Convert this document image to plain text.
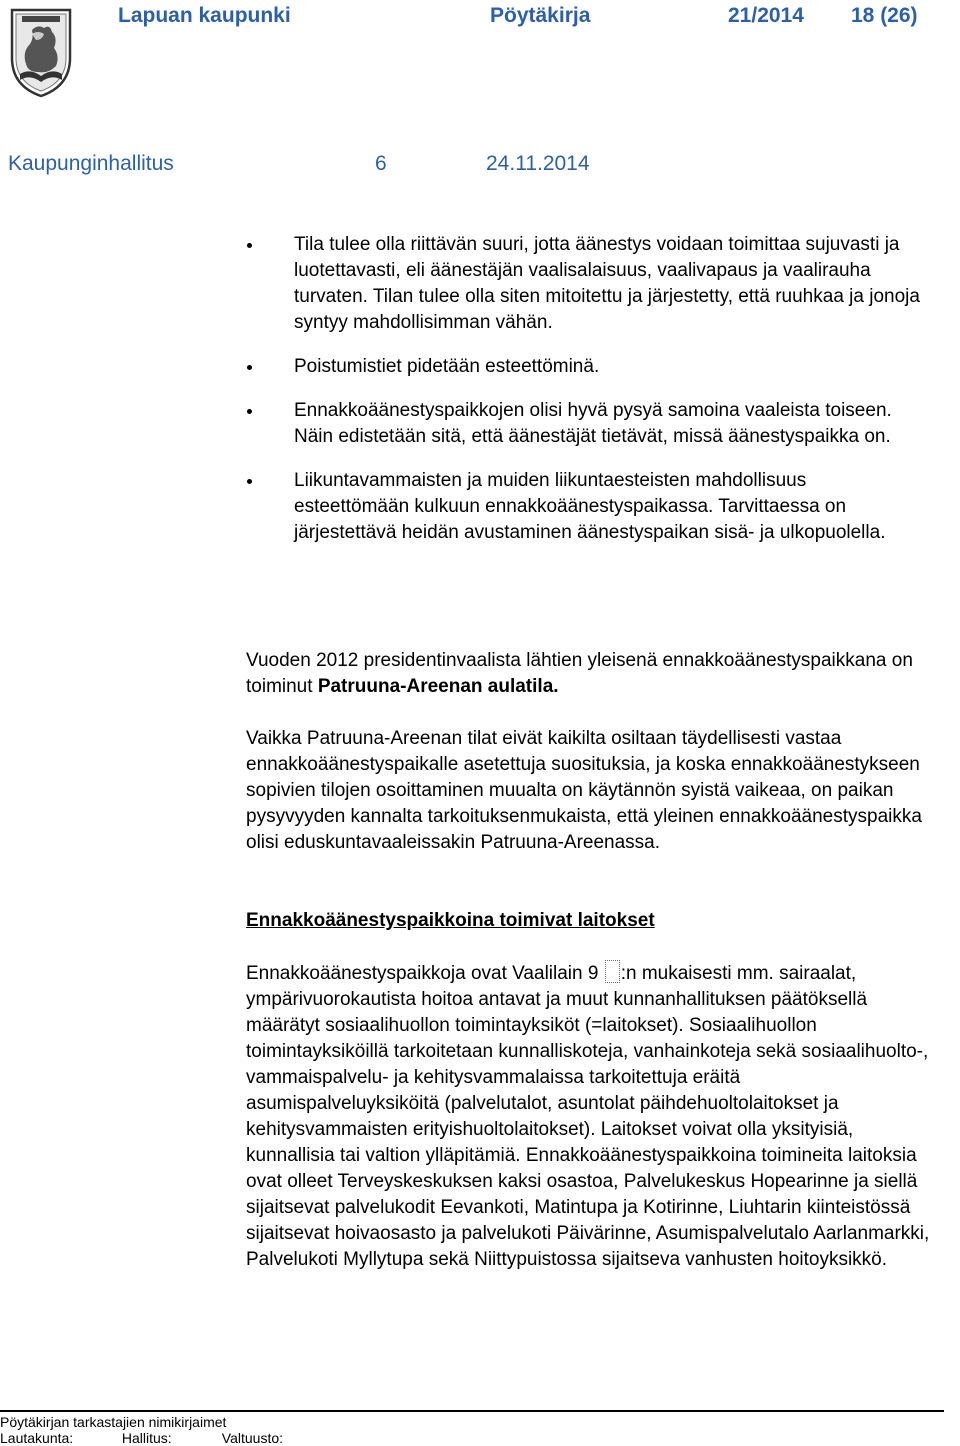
Lapuan kaupunki	Pöytäkirja	21/2014 18 (26)
Kaupunginhallitus	6	24.11.2014

Tila tulee olla riittävän suuri, jotta äänestys voidaan toimittaa sujuvasti ja luotettavasti, eli äänestäjän vaalisalaisuus, vaalivapaus ja vaalirauha turvaten. Tilan tulee olla siten mitoitettu ja järjestetty, että ruuhkaa ja jonoja syntyy mahdollisimman vähän.

Poistumistiet pidetään esteettöminä.

Ennakkoäänestyspaikkojen olisi hyvä pysyä samoina vaaleista toiseen. Näin edistetään sitä, että äänestäjät tietävät, missä äänestyspaikka on.

Liikuntavammaisten ja muiden liikuntaesteisten mahdollisuus esteettömään kulkuun ennakkoäänestyspaikassa. Tarvittaessa on järjestettävä heidän avustaminen äänestyspaikan sisä- ja ulkopuolella.

Vuoden 2012 presidentinvaalista lähtien yleisenä ennakkoäänestyspaikkana on toiminut Patruuna-Areenan aulatila.

Vaikka Patruuna-Areenan tilat eivät kaikilta osiltaan täydellisesti vastaa ennakkoäänestyspaikalle asetettuja suosituksia, ja koska ennakkoäänestykseen sopivien tilojen osoittaminen muualta on käytännön syistä vaikeaa, on paikan pysyvyyden kannalta tarkoituksenmukaista, että yleinen ennakkoäänestyspaikka olisi eduskuntavaaleissakin Patruuna-Areenassa.

Ennakkoäänestyspaikkoina toimivat laitokset

Ennakkoäänestyspaikkoja ovat Vaalilain 9 :n mukaisesti mm. sairaalat, ympärivuorokautista hoitoa antavat ja muut kunnanhallituksen päätöksellä määrätyt sosiaalihuollon toimintayksiköt (=laitokset). Sosiaalihuollon toimintayksiköillä tarkoitetaan kunnalliskoteja, vanhainkoteja sekä sosiaalihuolto-, vammaispalvelu- ja kehitysvammalaissa tarkoitettuja eräitä asumispalveluyksiköitä (palvelutalot, asuntolat päihdehuoltolaitokset ja kehitysvammaisten erityishuoltolaitokset). Laitokset voivat olla yksityisiä, kunnallisia tai valtion ylläpitämiä. Ennakkoäänestyspaikkoina toimineita laitoksia ovat olleet Terveyskeskuksen kaksi osastoa, Palvelukeskus Hopearinne ja siellä sijaitsevat palvelukodit Eevankoti, Matintupa ja Kotirinne, Liuhtarin kiinteistössä sijaitsevat hoivaosasto ja palvelukoti Päivärinne, Asumispalvelutalo Aarlanmarkki, Palvelukoti Myllytupa sekä Niittypuistossa sijaitseva vanhusten hoitoyksikkö.

Pöytäkirjan tarkastajien nimikirjaimet
Lautakunta:	Hallitus:	Valtuusto:
